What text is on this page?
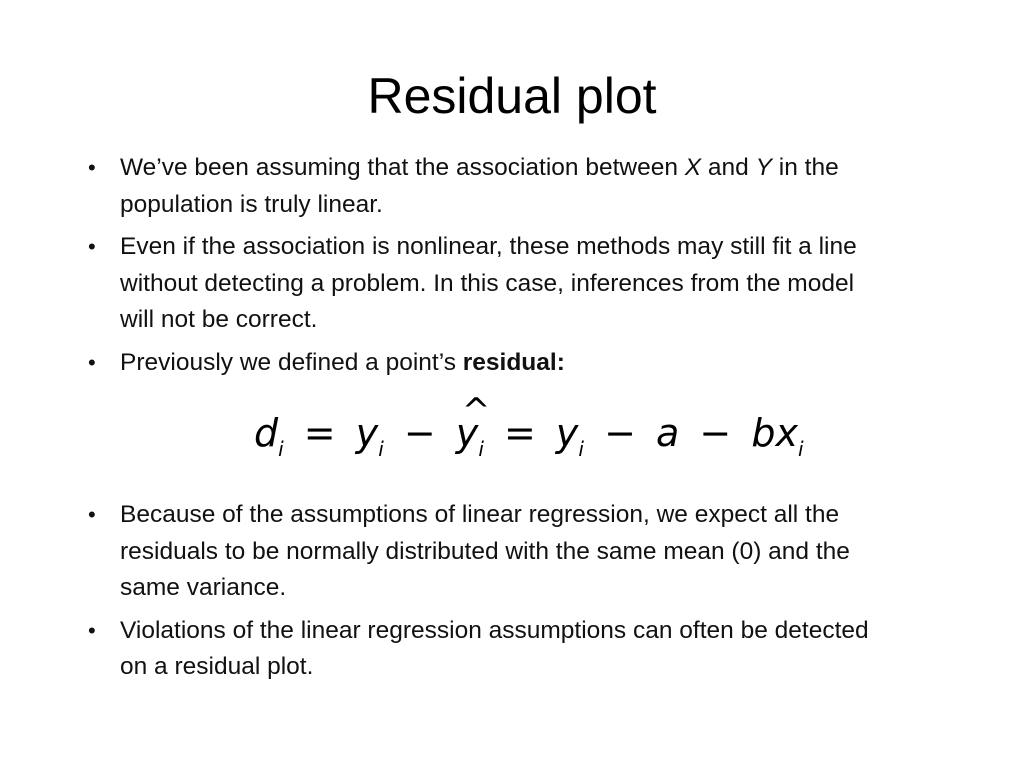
Residual plot
• We’ve been assuming that the association between X and Y in the population is truly linear.
• Even if the association is nonlinear, these methods may still fit a line without detecting a problem. In this case, inferences from the model will not be correct.
• Previously we defined a point’s residual:
$d_i = y_i$ − ^ $y_i = y_i - a - bx_i$
• Because of the assumptions of linear regression, we expect all the residuals to be normally distributed with the same mean (0) and the same variance.
• Violations of the linear regression assumptions can often be detected on a residual plot.
